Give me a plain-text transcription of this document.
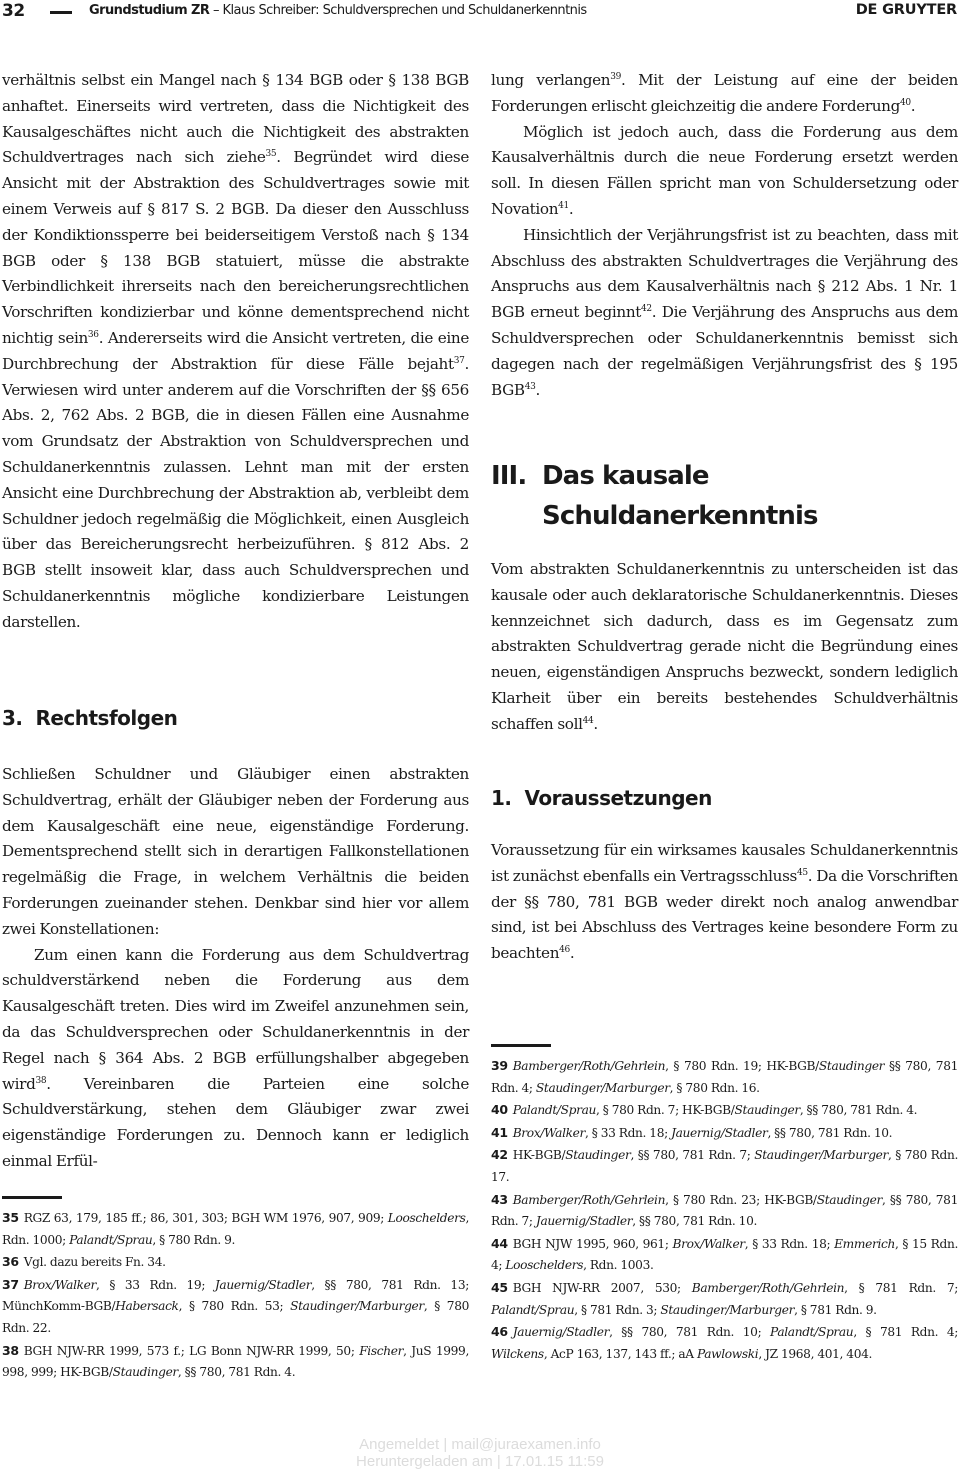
32	Grundstudium ZR – Klaus Schreiber: Schuldversprechen und Schuldanerkenntnis	DE GRUYTER

verhältnis selbst ein Mangel nach § 134 BGB oder § 138 BGB anhaftet. Einerseits wird vertreten, dass die Nichtigkeit des Kausalgeschäftes nicht auch die Nichtigkeit des abstrakten Schuldvertrages nach sich ziehe$^{35}$. Begründet wird diese Ansicht mit der Abstraktion des Schuldvertrages sowie mit einem Verweis auf § 817 S. 2 BGB. Da dieser den Ausschluss der Kondiktionssperre bei beiderseitigem Verstoß nach § 134 BGB oder § 138 BGB statuiert, müsse die abstrakte Verbindlichkeit ihrerseits nach den bereicherungsrechtlichen Vorschriften kondizierbar und könne dementsprechend nicht nichtig sein$^{36}$. Andererseits wird die Ansicht vertreten, die eine Durchbrechung der Abstraktion für diese Fälle bejaht$^{37}$. Verwiesen wird unter anderem auf die Vorschriften der §§ 656 Abs. 2, 762 Abs. 2 BGB, die in diesen Fällen eine Ausnahme vom Grundsatz der Abstraktion von Schuldversprechen und Schuldanerkenntnis zulassen. Lehnt man mit der ersten Ansicht eine Durchbrechung der Abstraktion ab, verbleibt dem Schuldner jedoch regelmäßig die Möglichkeit, einen Ausgleich über das Bereicherungsrecht herbeizuführen. § 812 Abs. 2 BGB stellt insoweit klar, dass auch Schuldversprechen und Schuldanerkenntnis mögliche kondizierbare Leistungen darstellen.

3.  Rechtsfolgen

Schließen Schuldner und Gläubiger einen abstrakten Schuldvertrag, erhält der Gläubiger neben der Forderung aus dem Kausalgeschäft eine neue, eigenständige Forderung. Dementsprechend stellt sich in derartigen Fallkonstellationen regelmäßig die Frage, in welchem Verhältnis die beiden Forderungen zueinander stehen. Denkbar sind hier vor allem zwei Konstellationen:

Zum einen kann die Forderung aus dem Schuldvertrag schuldverstärkend neben die Forderung aus dem Kausalgeschäft treten. Dies wird im Zweifel anzunehmen sein, da das Schuldversprechen oder Schuldanerkenntnis in der Regel nach § 364 Abs. 2 BGB erfüllungshalber abgegeben wird$^{38}$. Vereinbaren die Parteien eine solche Schuldverstärkung, stehen dem Gläubiger zwar zwei eigenständige Forderungen zu. Dennoch kann er lediglich einmal Erfül-

35 RGZ 63, 179, 185 ff.; 86, 301, 303; BGH WM 1976, 907, 909; Looschelders, Rdn. 1000; Palandt/Sprau, § 780 Rdn. 9.

36 Vgl. dazu bereits Fn. 34.

37 Brox/Walker, § 33 Rdn. 19; Jauernig/Stadler, §§ 780, 781 Rdn. 13; MünchKomm-BGB/Habersack, § 780 Rdn. 53; Staudinger/Marburger, § 780 Rdn. 22.

38 BGH NJW-RR 1999, 573 f.; LG Bonn NJW-RR 1999, 50; Fischer, JuS 1999, 998, 999; HK-BGB/Staudinger, §§ 780, 781 Rdn. 4.

lung verlangen$^{39}$. Mit der Leistung auf eine der beiden Forderungen erlischt gleichzeitig die andere Forderung$^{40}$.

Möglich ist jedoch auch, dass die Forderung aus dem Kausalverhältnis durch die neue Forderung ersetzt werden soll. In diesen Fällen spricht man von Schuldersetzung oder Novation$^{41}$.

Hinsichtlich der Verjährungsfrist ist zu beachten, dass mit Abschluss des abstrakten Schuldvertrages die Verjährung des Anspruchs aus dem Kausalverhältnis nach § 212 Abs. 1 Nr. 1 BGB erneut beginnt$^{42}$. Die Verjährung des Anspruchs aus dem Schuldversprechen oder Schuldanerkenntnis bemisst sich dagegen nach der regelmäßigen Verjährungsfrist des § 195 BGB$^{43}$.

III. Das kausale
Schuldanerkenntnis

Vom abstrakten Schuldanerkenntnis zu unterscheiden ist das kausale oder auch deklaratorische Schuldanerkenntnis. Dieses kennzeichnet sich dadurch, dass es im Gegensatz zum abstrakten Schuldvertrag gerade nicht die Begründung eines neuen, eigenständigen Anspruchs bezweckt, sondern lediglich Klarheit über ein bereits bestehendes Schuldverhältnis schaffen soll$^{44}$.

1.  Voraussetzungen

Voraussetzung für ein wirksames kausales Schuldanerkenntnis ist zunächst ebenfalls ein Vertragsschluss$^{45}$. Da die Vorschriften der §§ 780, 781 BGB weder direkt noch analog anwendbar sind, ist bei Abschluss des Vertrages keine besondere Form zu beachten$^{46}$.

39 Bamberger/Roth/Gehrlein, § 780 Rdn. 19; HK-BGB/Staudinger §§ 780, 781 Rdn. 4; Staudinger/Marburger, § 780 Rdn. 16.

40 Palandt/Sprau, § 780 Rdn. 7; HK-BGB/Staudinger, §§ 780, 781 Rdn. 4.

41 Brox/Walker, § 33 Rdn. 18; Jauernig/Stadler, §§ 780, 781 Rdn. 10.

42 HK-BGB/Staudinger, §§ 780, 781 Rdn. 7; Staudinger/Marburger, § 780 Rdn. 17.

43 Bamberger/Roth/Gehrlein, § 780 Rdn. 23; HK-BGB/Staudinger, §§ 780, 781 Rdn. 7; Jauernig/Stadler, §§ 780, 781 Rdn. 10.

44 BGH NJW 1995, 960, 961; Brox/Walker, § 33 Rdn. 18; Emmerich, § 15 Rdn. 4; Looschelders, Rdn. 1003.

45 BGH NJW-RR 2007, 530; Bamberger/Roth/Gehrlein, § 781 Rdn. 7; Palandt/Sprau, § 781 Rdn. 3; Staudinger/Marburger, § 781 Rdn. 9.

46 Jauernig/Stadler, §§ 780, 781 Rdn. 10; Palandt/Sprau, § 781 Rdn. 4; Wilckens, AcP 163, 137, 143 ff.; aA Pawlowski, JZ 1968, 401, 404.

Angemeldet | mail@juraexamen.info
Heruntergeladen am | 17.01.15 11:59
